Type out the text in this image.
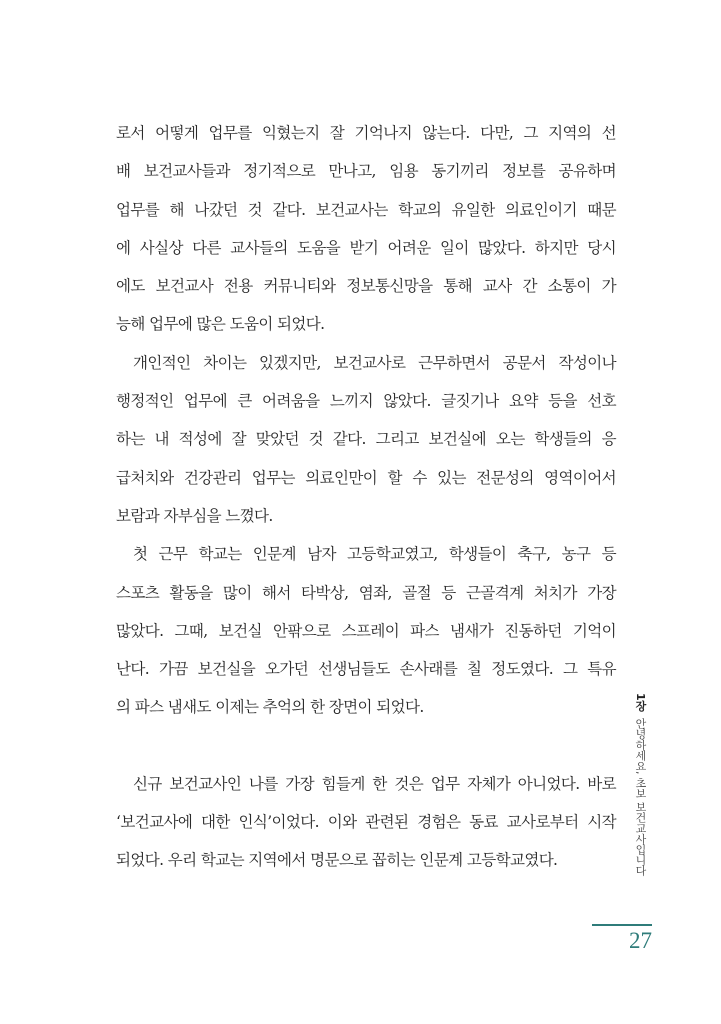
로서 어떻게 업무를 익혔는지 잘 기억나지 않는다. 다만, 그 지역의 선
배 보건교사들과 정기적으로 만나고, 임용 동기끼리 정보를 공유하며
업무를 해 나갔던 것 같다. 보건교사는 학교의 유일한 의료인이기 때문
에 사실상 다른 교사들의 도움을 받기 어려운 일이 많았다. 하지만 당시
에도 보건교사 전용 커뮤니티와 정보통신망을 통해 교사 간 소통이 가
능해 업무에 많은 도움이 되었다.
개인적인 차이는 있겠지만, 보건교사로 근무하면서 공문서 작성이나
행정적인 업무에 큰 어려움을 느끼지 않았다. 글짓기나 요약 등을 선호
하는 내 적성에 잘 맞았던 것 같다. 그리고 보건실에 오는 학생들의 응
급처치와 건강관리 업무는 의료인만이 할 수 있는 전문성의 영역이어서
보람과 자부심을 느꼈다.
첫 근무 학교는 인문계 남자 고등학교였고, 학생들이 축구, 농구 등
스포츠 활동을 많이 해서 타박상, 염좌, 골절 등 근골격계 처치가 가장
많았다. 그때, 보건실 안팎으로 스프레이 파스 냄새가 진동하던 기억이
난다. 가끔 보건실을 오가던 선생님들도 손사래를 칠 정도였다. 그 특유
의 파스 냄새도 이제는 추억의 한 장면이 되었다.
신규 보건교사인 나를 가장 힘들게 한 것은 업무 자체가 아니었다. 바로
‘보건교사에 대한 인식’이었다. 이와 관련된 경험은 동료 교사로부터 시작
되었다. 우리 학교는 지역에서 명문으로 꼽히는 인문계 고등학교였다.
1장 안녕하세요, 초보 보건교사입니다
27
